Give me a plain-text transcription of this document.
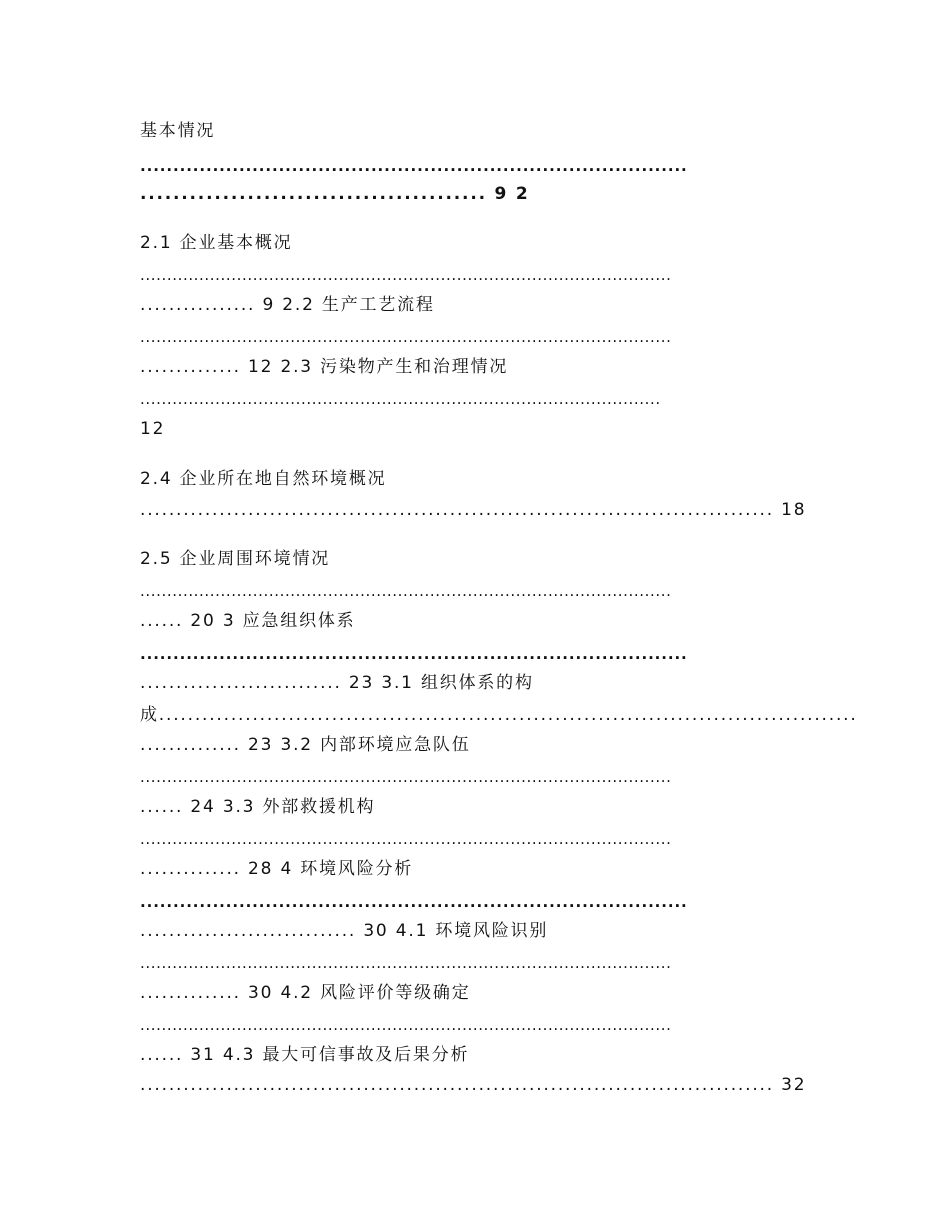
基本情况
...................................................................................
.......................................... 9 2
2.1 企业基本概况
...................................................................................................
................ 9 2.2 生产工艺流程
...................................................................................................
.............. 12 2.3 污染物产生和治理情况
.................................................................................................
12
2.4 企业所在地自然环境概况
........................................................................................ 18
2.5 企业周围环境情况
...................................................................................................
...... 20 3 应急组织体系
...................................................................................
............................ 23 3.1 组织体系的构
成.................................................................................................
.............. 23 3.2 内部环境应急队伍
...................................................................................................
...... 24 3.3 外部救援机构
...................................................................................................
.............. 28 4 环境风险分析
...................................................................................
.............................. 30 4.1 环境风险识别
...................................................................................................
.............. 30 4.2 风险评价等级确定
...................................................................................................
...... 31 4.3 最大可信事故及后果分析
........................................................................................ 32
